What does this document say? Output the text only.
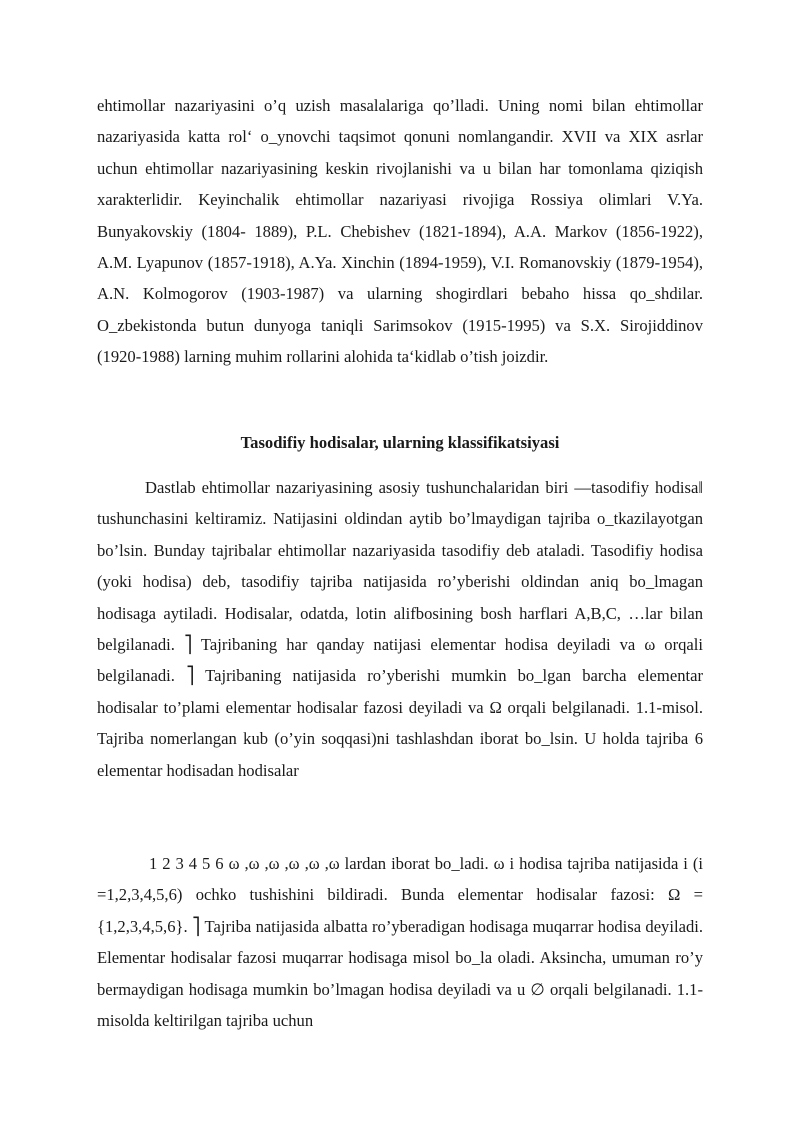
ehtimollar nazariyasini o’q uzish masalalariga qo’lladi. Uning nomi bilan ehtimollar nazariyasida katta rol‘ o_ynovchi taqsimot qonuni nomlangandir. XVII va XIX asrlar uchun ehtimollar nazariyasining keskin rivojlanishi va u bilan har tomonlama qiziqish xarakterlidir. Keyinchalik ehtimollar nazariyasi rivojiga Rossiya olimlari V.Ya. Bunyakovskiy (1804- 1889), P.L. Chebishev (1821-1894), A.A. Markov (1856-1922), A.M. Lyapunov (1857-1918), A.Ya. Xinchin (1894-1959), V.I. Romanovskiy (1879-1954), A.N. Kolmogorov (1903-1987) va ularning shogirdlari bebaho hissa qo_shdilar. O_zbekistonda butun dunyoga taniqli Sarimsokov (1915-1995) va S.X. Sirojiddinov (1920-1988) larning muhim rollarini alohida ta‘kidlab o’tish joizdir.

Tasodifiy hodisalar, ularning klassifikatsiyasi

Dastlab ehtimollar nazariyasining asosiy tushunchalaridan biri ―tasodifiy hodisa‖ tushunchasini keltiramiz. Natijasini oldindan aytib bo’lmaydigan tajriba o_tkazilayotgan bo’lsin. Bunday tajribalar ehtimollar nazariyasida tasodifiy deb ataladi. Tasodifiy hodisa (yoki hodisa) deb, tasodifiy tajriba natijasida ro’yberishi oldindan aniq bo_lmagan hodisaga aytiladi. Hodisalar, odatda, lotin alifbosining bosh harflari A,B,C, …lar bilan belgilanadi. ⎤ Tajribaning har qanday natijasi elementar hodisa deyiladi va ω orqali belgilanadi. ⎤ Tajribaning natijasida ro’yberishi mumkin bo_lgan barcha elementar hodisalar to’plami elementar hodisalar fazosi deyiladi va Ω orqali belgilanadi. 1.1-misol. Tajriba nomerlangan kub (o’yin soqqasi)ni tashlashdan iborat bo_lsin. U holda tajriba 6 elementar hodisadan hodisalar

1 2 3 4 5 6 ω ,ω ,ω ,ω ,ω ,ω lardan iborat bo_ladi. ω i hodisa tajriba natijasida i (i =1,2,3,4,5,6) ochko tushishini bildiradi. Bunda elementar hodisalar fazosi: Ω = {1,2,3,4,5,6}. ⎤ Tajriba natijasida albatta ro’yberadigan hodisaga muqarrar hodisa deyiladi. Elementar hodisalar fazosi muqarrar hodisaga misol bo_la oladi. Aksincha, umuman ro’y bermaydigan hodisaga mumkin bo’lmagan hodisa deyiladi va u ∅ orqali belgilanadi. 1.1-misolda keltirilgan tajriba uchun
